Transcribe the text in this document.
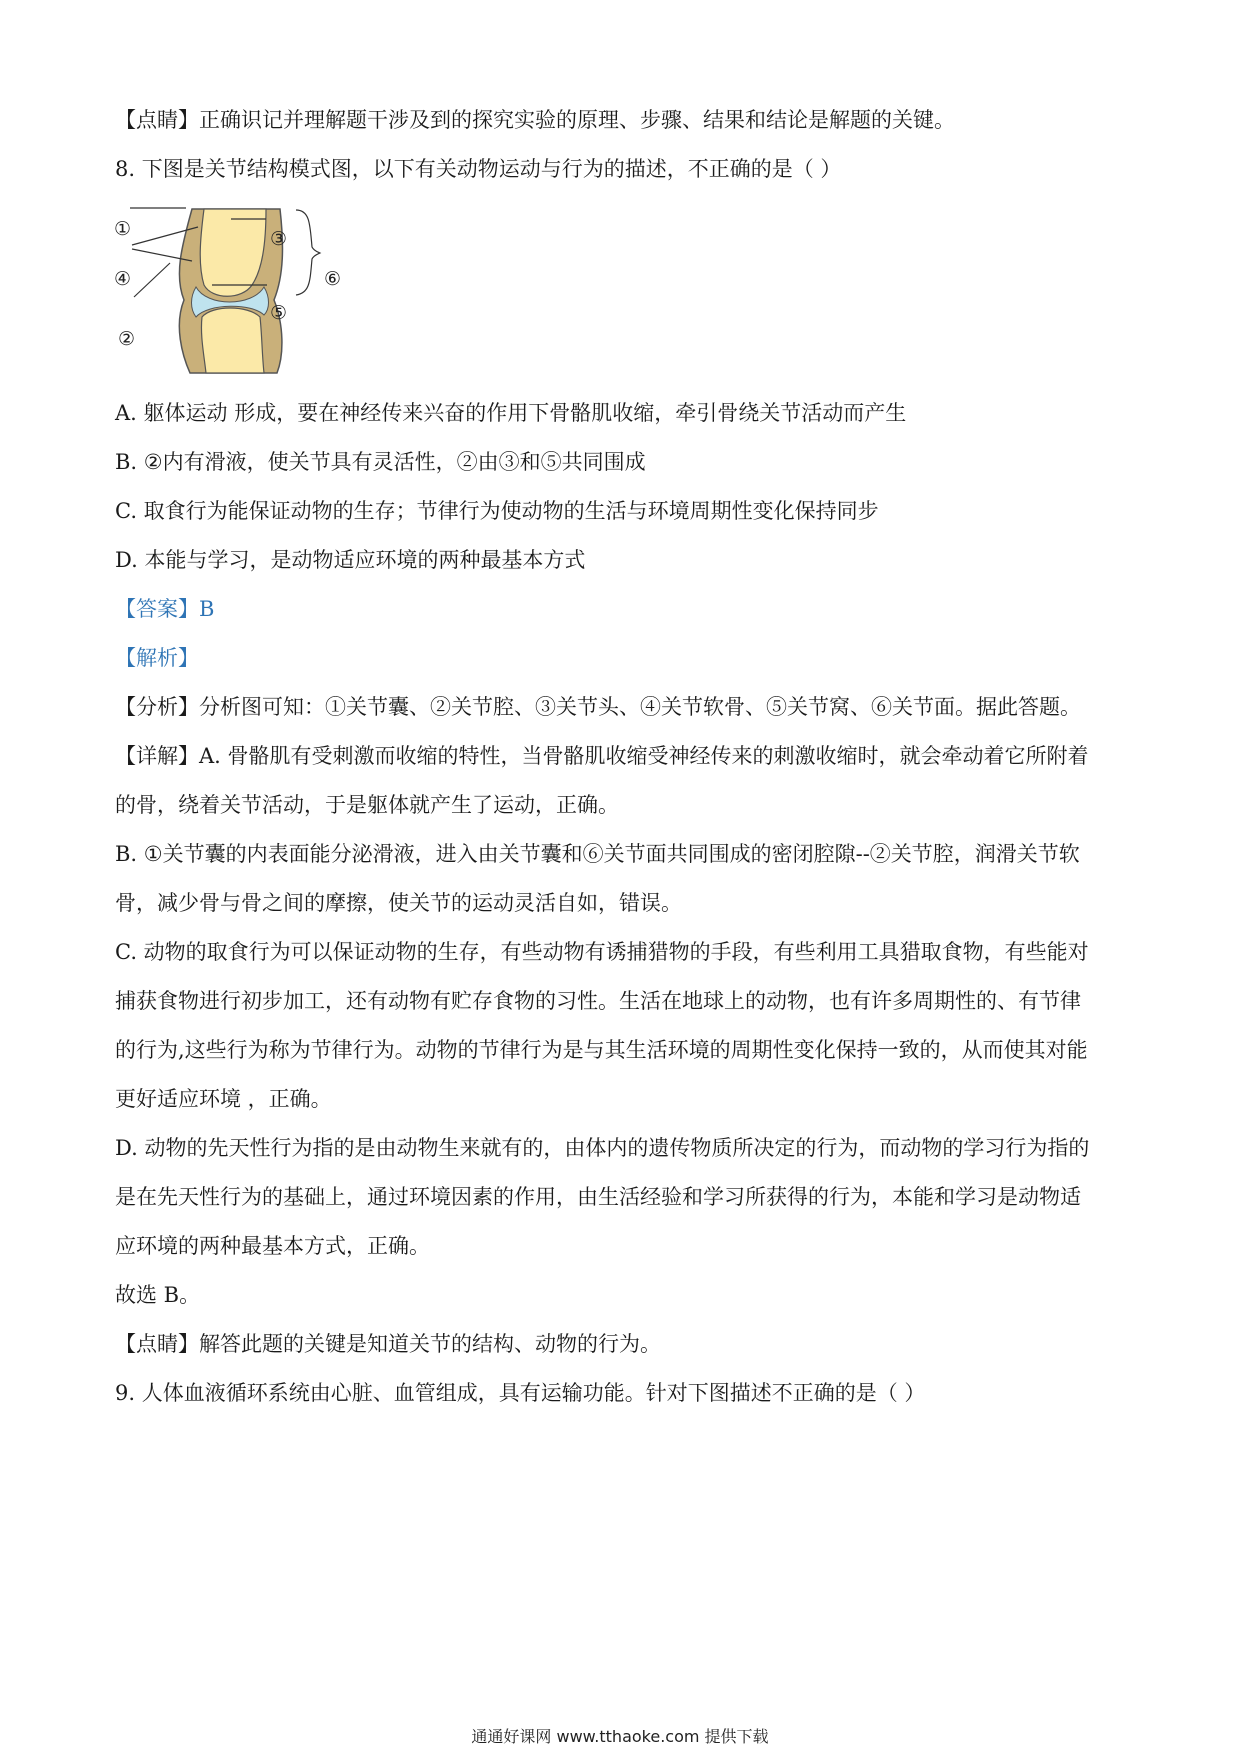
【点睛】正确识记并理解题干涉及到的探究实验的原理、步骤、结果和结论是解题的关键。
8. 下图是关节结构模式图，以下有关动物运动与行为的描述，不正确的是（ ）
①	③
④	⑥
⑤
②
A. 躯体运动 形成，要在神经传来兴奋的作用下骨骼肌收缩，牵引骨绕关节活动而产生
B. ②内有滑液，使关节具有灵活性，②由③和⑤共同围成
C. 取食行为能保证动物的生存；节律行为使动物的生活与环境周期性变化保持同步
D. 本能与学习，是动物适应环境的两种最基本方式
【答案】B
【解析】
【分析】分析图可知：①关节囊、②关节腔、③关节头、④关节软骨、⑤关节窝、⑥关节面。据此答题。
【详解】A. 骨骼肌有受刺激而收缩的特性，当骨骼肌收缩受神经传来的刺激收缩时，就会牵动着它所附着
的骨，绕着关节活动，于是躯体就产生了运动，正确。
B. ①关节囊的内表面能分泌滑液，进入由关节囊和⑥关节面共同围成的密闭腔隙--②关节腔，润滑关节软
骨，减少骨与骨之间的摩擦，使关节的运动灵活自如，错误。
C. 动物的取食行为可以保证动物的生存，有些动物有诱捕猎物的手段，有些利用工具猎取食物，有些能对
捕获食物进行初步加工，还有动物有贮存食物的习性。生活在地球上的动物，也有许多周期性的、有节律
的行为,这些行为称为节律行为。动物的节律行为是与其生活环境的周期性变化保持一致的，从而使其对能
更好适应环境 ，正确。
D. 动物的先天性行为指的是由动物生来就有的，由体内的遗传物质所决定的行为，而动物的学习行为指的
是在先天性行为的基础上，通过环境因素的作用，由生活经验和学习所获得的行为，本能和学习是动物适
应环境的两种最基本方式，正确。
故选 B。
【点睛】解答此题的关键是知道关节的结构、动物的行为。
9. 人体血液循环系统由心脏、血管组成，具有运输功能。针对下图描述不正确的是（ ）
通通好课网 www.tthaoke.com 提供下载
